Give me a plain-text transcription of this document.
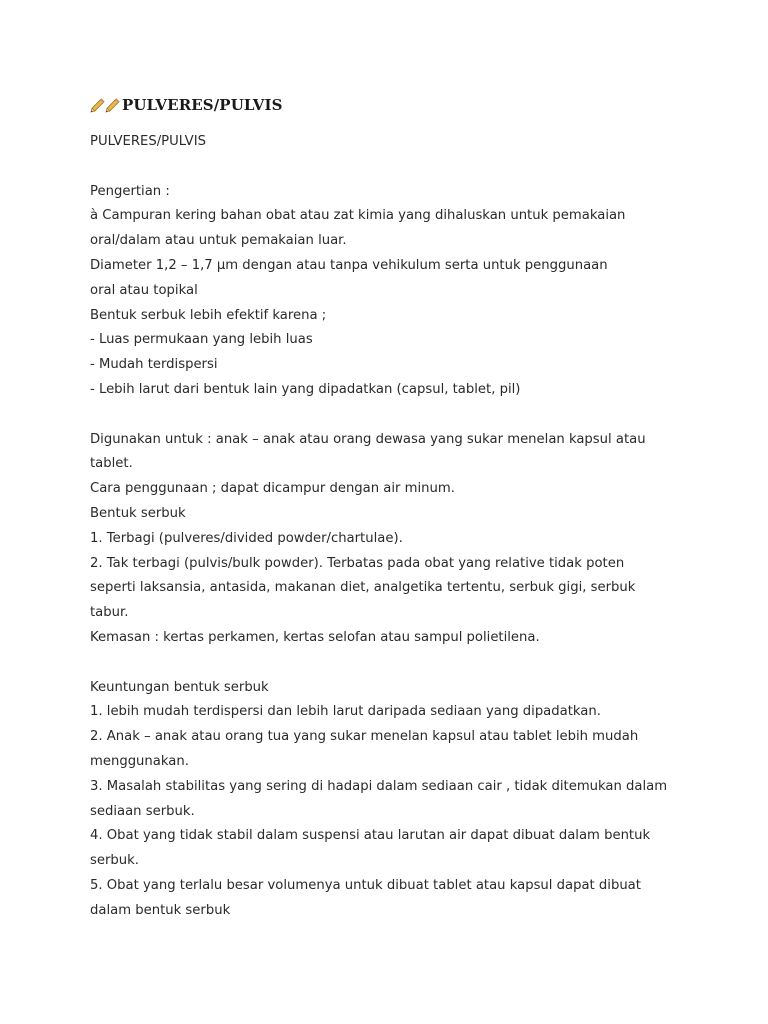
PULVERES/PULVIS
PULVERES/PULVIS
Pengertian :
à Campuran kering bahan obat atau zat kimia yang dihaluskan untuk pemakaian
oral/dalam atau untuk pemakaian luar.
Diameter 1,2 – 1,7 µm dengan atau tanpa vehikulum serta untuk penggunaan
oral atau topikal
Bentuk serbuk lebih efektif karena ;
- Luas permukaan yang lebih luas
- Mudah terdispersi
- Lebih larut dari bentuk lain yang dipadatkan (capsul, tablet, pil)
Digunakan untuk : anak – anak atau orang dewasa yang sukar menelan kapsul atau
tablet.
Cara penggunaan ; dapat dicampur dengan air minum.
Bentuk serbuk
1. Terbagi (pulveres/divided powder/chartulae).
2. Tak terbagi (pulvis/bulk powder). Terbatas pada obat yang relative tidak poten
seperti laksansia, antasida, makanan diet, analgetika tertentu, serbuk gigi, serbuk
tabur.
Kemasan : kertas perkamen, kertas selofan atau sampul polietilena.
Keuntungan bentuk serbuk
1. lebih mudah terdispersi dan lebih larut daripada sediaan yang dipadatkan.
2. Anak – anak atau orang tua yang sukar menelan kapsul atau tablet lebih mudah
menggunakan.
3. Masalah stabilitas yang sering di hadapi dalam sediaan cair , tidak ditemukan dalam
sediaan serbuk.
4. Obat yang tidak stabil dalam suspensi atau larutan air dapat dibuat dalam bentuk
serbuk.
5. Obat yang terlalu besar volumenya untuk dibuat tablet atau kapsul dapat dibuat
dalam bentuk serbuk
